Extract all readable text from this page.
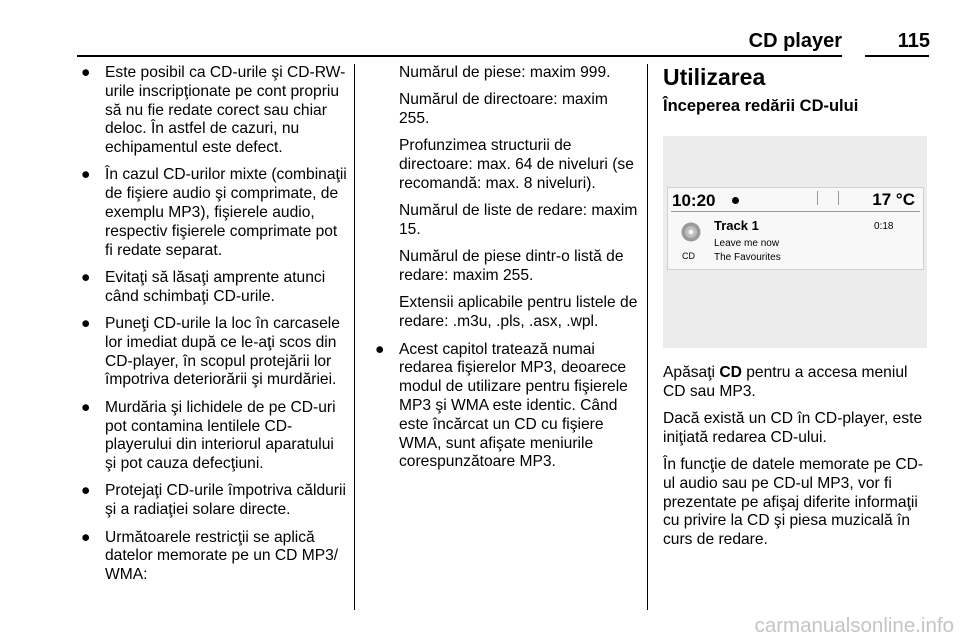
CD player	115
● Este posibil ca CD-urile şi CD-RW-urile inscripţionate pe cont propriu să nu fie redate corect sau chiar deloc. În astfel de cazuri, nu echipamentul este defect.
● În cazul CD-urilor mixte (combinaţii de fişiere audio şi comprimate, de exemplu MP3), fişierele audio, respectiv fişierele comprimate pot fi redate separat.
● Evitaţi să lăsaţi amprente atunci când schimbaţi CD-urile.
● Puneţi CD-urile la loc în carcasele lor imediat după ce le-aţi scos din CD-player, în scopul protejării lor împotriva deteriorării şi murdăriei.
● Murdăria şi lichidele de pe CD-uri pot contamina lentilele CD-playerului din interiorul aparatului şi pot cauza defecţiuni.
● Protejaţi CD-urile împotriva căldurii şi a radiaţiei solare directe.
● Următoarele restricţii se aplică datelor memorate pe un CD MP3/ WMA:

Numărul de piese: maxim 999.

Numărul de directoare: maxim 255.

Profunzimea structurii de directoare: max. 64 de niveluri (se recomandă: max. 8 niveluri).

Numărul de liste de redare: maxim 15.

Numărul de piese dintr-o listă de redare: maxim 255.

Extensii aplicabile pentru listele de redare: .m3u, .pls, .asx, .wpl.

● Acest capitol tratează numai redarea fişierelor MP3, deoarece modul de utilizare pentru fişierele MP3 şi WMA este identic. Când este încărcat un CD cu fişiere WMA, sunt afişate meniurile corespunzătoare MP3.
Utilizarea
Începerea redării CD-ului
10:20	17 °C
CD
Track 1	0:18
Leave me now
The Favourites

Apăsaţi CD pentru a accesa meniul CD sau MP3.

Dacă există un CD în CD-player, este iniţiată redarea CD-ului.

În funcţie de datele memorate pe CD-ul audio sau pe CD-ul MP3, vor fi prezentate pe afişaj diferite informaţii cu privire la CD şi piesa muzicală în curs de redare.

carmanualsonline.info
